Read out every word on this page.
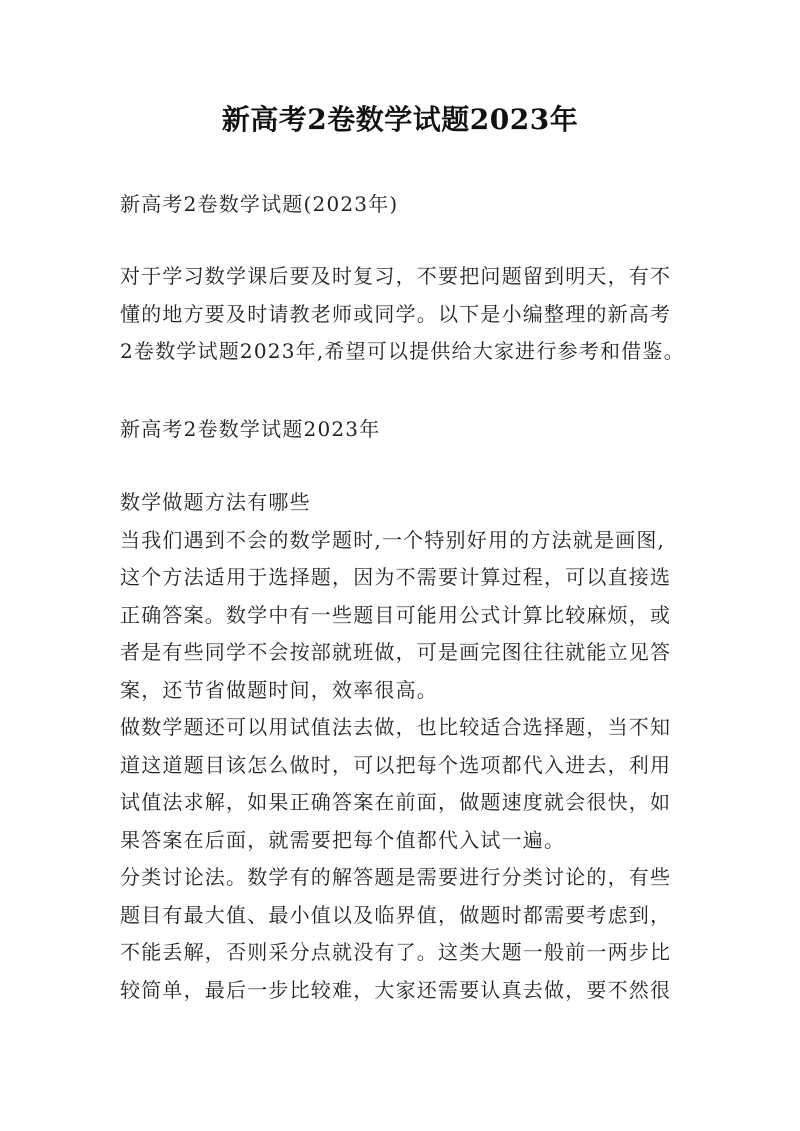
新高考2卷数学试题2023年
新高考2卷数学试题(2023年)
对于学习数学课后要及时复习，不要把问题留到明天，有不
懂的地方要及时请教老师或同学。以下是小编整理的新高考
2卷数学试题2023年,希望可以提供给大家进行参考和借鉴。
新高考2卷数学试题2023年
数学做题方法有哪些
当我们遇到不会的数学题时,一个特别好用的方法就是画图,
这个方法适用于选择题，因为不需要计算过程，可以直接选
正确答案。数学中有一些题目可能用公式计算比较麻烦，或
者是有些同学不会按部就班做，可是画完图往往就能立见答
案，还节省做题时间，效率很高。
做数学题还可以用试值法去做，也比较适合选择题，当不知
道这道题目该怎么做时，可以把每个选项都代入进去，利用
试值法求解，如果正确答案在前面，做题速度就会很快，如
果答案在后面，就需要把每个值都代入试一遍。
分类讨论法。数学有的解答题是需要进行分类讨论的，有些
题目有最大值、最小值以及临界值，做题时都需要考虑到，
不能丢解，否则采分点就没有了。这类大题一般前一两步比
较简单，最后一步比较难，大家还需要认真去做，要不然很
